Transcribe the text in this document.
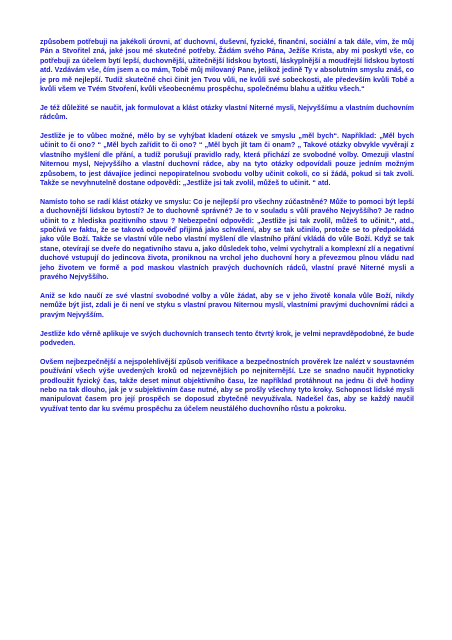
způsobem potřebuji na jakékoli úrovni, ať duchovní, duševní, fyzické, finanční, sociální a tak dále, vím, že můj Pán a Stvořitel zná, jaké jsou mé skutečné potřeby. Žádám svého Pána, Ježíše Krista, aby mi poskytl vše, co potřebuji za účelem bytí lepší, duchovnější, užitečnější lidskou bytostí, láskyplnější a moudřejší lidskou bytostí atd. Vzdávám vše, čím jsem a co mám, Tobě můj milovaný Pane, jelikož jedině Ty v absolutním smyslu znáš, co je pro mě nejlepší. Tudíž skutečně chci činit jen Tvou vůli, ne kvůli své sobeckosti, ale především kvůli Tobě a kvůli všem ve Tvém Stvoření, kvůli všeobecnému prospěchu, společnému blahu a užitku všech.“

Je též důležité se naučit, jak formulovat a klást otázky vlastní Niterné mysli, Nejvyššímu a vlastním duchovním rádcům.

Jestliže je to vůbec možné, mělo by se vyhýbat kladení otázek ve smyslu „měl bych“. Například: „Měl bych učinit to či ono? “ „Měl bych zařídit to či ono? “ „Měl bych jít tam či onam? „ Takové otázky obvykle vyvěrají z vlastního myšlení dle přání, a tudíž porušují pravidlo rady, která přichází ze svobodné volby. Omezuji vlastní Niternou mysl, Nejvyššího a vlastní duchovní rádce, aby na tyto otázky odpovídali pouze jedním možným způsobem, to jest dávajíce jedinci nepopiratelnou svobodu volby učinit cokoli, co si žádá, pokud si tak zvolí. Takže se nevyhnutelně dostane odpovědi: „Jestliže jsi tak zvolil, můžeš to učinit. “ atd.

Namísto toho se radí klást otázky ve smyslu: Co je nejlepší pro všechny zúčastněné? Může to pomoci být lepší a duchovnější lidskou bytostí? Je to duchovně správné? Je to v souladu s vůlí pravého Nejvyššího? Je radno učinit to z hlediska pozitivního stavu ? Nebezpeční odpovědi: „Jestliže jsi tak zvolil, můžeš to učinit.“, atd., spočívá ve faktu, že se taková odpověď přijímá jako schválení, aby se tak učinilo, protože se to předpokládá jako vůle Boží. Takže se vlastní vůle nebo vlastní myšlení dle vlastního přání vkládá do vůle Boží. Když se tak stane, otevírají se dveře do negativního stavu a, jako důsledek toho, velmi vychytralí a komplexní zlí a negativní duchové vstupují do jedincova života, proniknou na vrchol jeho duchovní hory a převezmou plnou vládu nad jeho životem ve formě a pod maskou vlastních pravých duchovních rádců, vlastní pravé Niterné mysli a pravého Nejvyššího.

Aniž se kdo naučí ze své vlastní svobodné volby a vůle žádat, aby se v jeho životě konala vůle Boží, nikdy nemůže být jist, zdali je či není ve styku s vlastní pravou Niternou myslí, vlastními pravými duchovními rádci a pravým Nejvyšším.

Jestliže kdo věrně aplikuje ve svých duchovních transech tento čtvrtý krok, je velmi nepravděpodobné, že bude podveden.

Ovšem nejbezpečnější a nejspolehlivější způsob verifikace a bezpečnostních prověrek lze nalézt v soustavném používání všech výše uvedených kroků od nejzevnějších po nejniternější. Lze se snadno naučit hypnoticky prodloužit fyzický čas, takže deset minut objektivního času, lze například protáhnout na jednu či dvě hodiny nebo na tak dlouho, jak je v subjektivním čase nutné, aby se prošly všechny tyto kroky. Schopnost lidské mysli manipulovat časem pro její prospěch se doposud zbytečně nevyužívala. Nadešel čas, aby se každý naučil využívat tento dar ku svému prospěchu za účelem neustálého duchovního růstu a pokroku.
